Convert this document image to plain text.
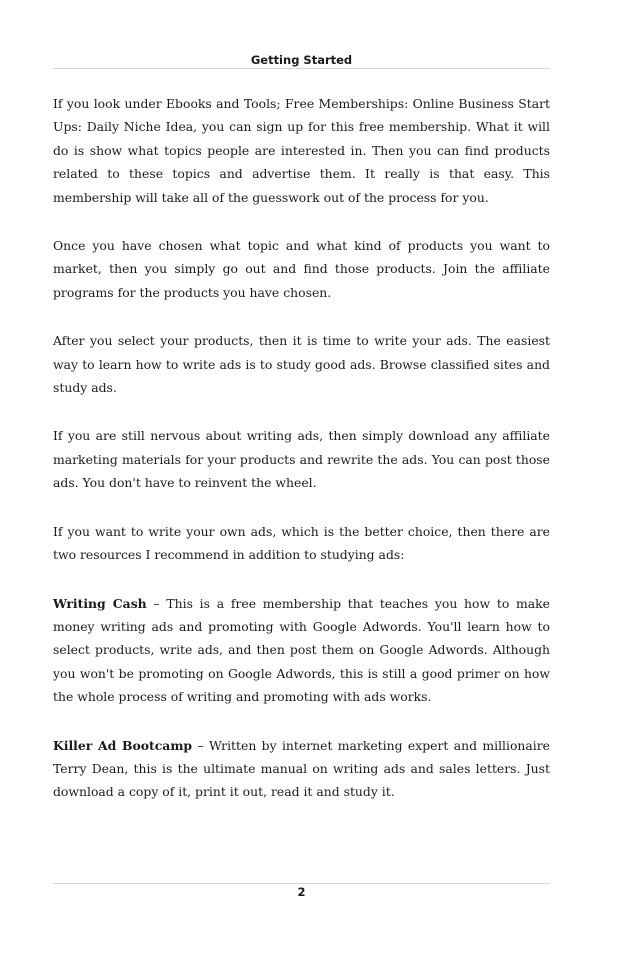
Getting Started

If you look under Ebooks and Tools; Free Memberships: Online Business Start Ups: Daily Niche Idea, you can sign up for this free membership. What it will do is show what topics people are interested in. Then you can find products related to these topics and advertise them. It really is that easy. This membership will take all of the guesswork out of the process for you.

Once you have chosen what topic and what kind of products you want to market, then you simply go out and find those products. Join the affiliate programs for the products you have chosen.

After you select your products, then it is time to write your ads. The easiest way to learn how to write ads is to study good ads. Browse classified sites and study ads.

If you are still nervous about writing ads, then simply download any affiliate marketing materials for your products and rewrite the ads. You can post those ads. You don't have to reinvent the wheel.

If you want to write your own ads, which is the better choice, then there are two resources I recommend in addition to studying ads:

Writing Cash – This is a free membership that teaches you how to make money writing ads and promoting with Google Adwords. You'll learn how to select products, write ads, and then post them on Google Adwords. Although you won't be promoting on Google Adwords, this is still a good primer on how the whole process of writing and promoting with ads works.

Killer Ad Bootcamp – Written by internet marketing expert and millionaire Terry Dean, this is the ultimate manual on writing ads and sales letters. Just download a copy of it, print it out, read it and study it.

2
